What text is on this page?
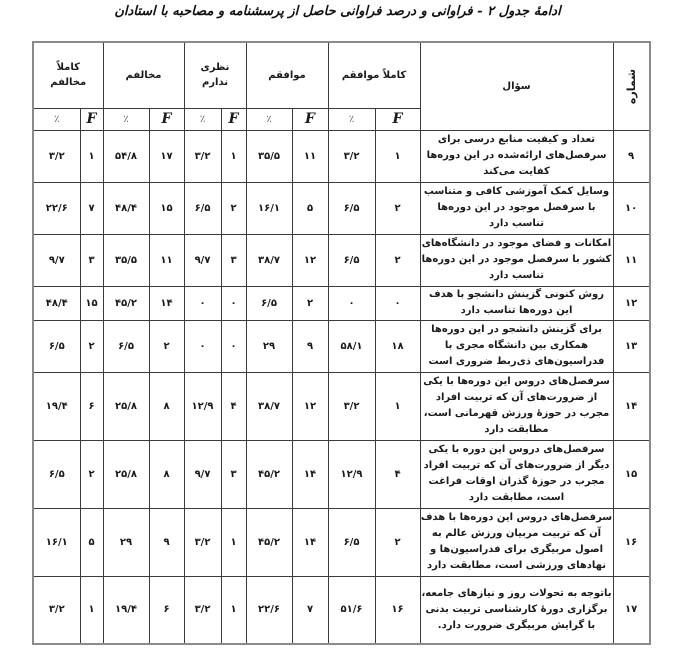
ادامهٔ جدول ۲ - فراوانی و درصد فراوانی حاصل از پرسشنامه و مصاحبه با استادان
شماره	سؤال	کاملاً موافقم		موافقم		نظری ندارم		مخالفم		کاملاً مخالفم	
		F	٪	F	٪	F	٪	F	٪	F	٪
۹	تعداد و کیفیت منابع درسی برای سرفصل‌های ارائه‌شده در این دوره‌ها کفایت می‌کند	۱	۳/۲	۱۱	۳۵/۵	۱	۳/۲	۱۷	۵۴/۸	۱	۳/۲
۱۰	وسایل کمک آموزشی کافی و متناسب با سرفصل موجود در این دوره‌ها تناسب دارد	۲	۶/۵	۵	۱۶/۱	۲	۶/۵	۱۵	۴۸/۴	۷	۲۲/۶
۱۱	امکانات و فضای موجود در دانشگاه‌های کشور با سرفصل موجود در این دوره‌ها تناسب دارد	۲	۶/۵	۱۲	۳۸/۷	۳	۹/۷	۱۱	۳۵/۵	۳	۹/۷
۱۲	روش کنونی گزینش دانشجو با هدف این دوره‌ها تناسب دارد	۰	۰	۲	۶/۵	۰	۰	۱۴	۴۵/۲	۱۵	۴۸/۴
۱۳	برای گزینش دانشجو در این دوره‌ها همکاری بین دانشگاه مجری با فدراسیون‌های ذی‌ربط ضروری است	۱۸	۵۸/۱	۹	۲۹	۰	۰	۲	۶/۵	۲	۶/۵
۱۴	سرفصل‌های دروس این دوره‌ها با یکی از ضرورت‌های آن که تربیت افراد مجرب در حوزهٔ ورزش قهرمانی است، مطابقت دارد	۱	۳/۲	۱۲	۳۸/۷	۴	۱۲/۹	۸	۲۵/۸	۶	۱۹/۴
۱۵	سرفصل‌های دروس این دوره با یکی دیگر از ضرورت‌های آن که تربیت افراد مجرب در حوزهٔ گذران اوقات فراغت است، مطابقت دارد	۴	۱۲/۹	۱۴	۴۵/۲	۳	۹/۷	۸	۲۵/۸	۲	۶/۵
۱۶	سرفصل‌های دروس این دوره‌ها با هدف آن که تربیت مربیان ورزش عالم به اصول مربیگری برای فدراسیون‌ها و نهادهای ورزشی است، مطابقت دارد	۲	۶/۵	۱۴	۴۵/۲	۱	۳/۲	۹	۲۹	۵	۱۶/۱
۱۷	باتوجه به تحولات روز و نیازهای جامعه، برگزاری دورهٔ کارشناسی تربیت بدنی با گرایش مربیگری ضرورت دارد.	۱۶	۵۱/۶	۷	۲۲/۶	۱	۳/۲	۶	۱۹/۴	۱	۳/۲
